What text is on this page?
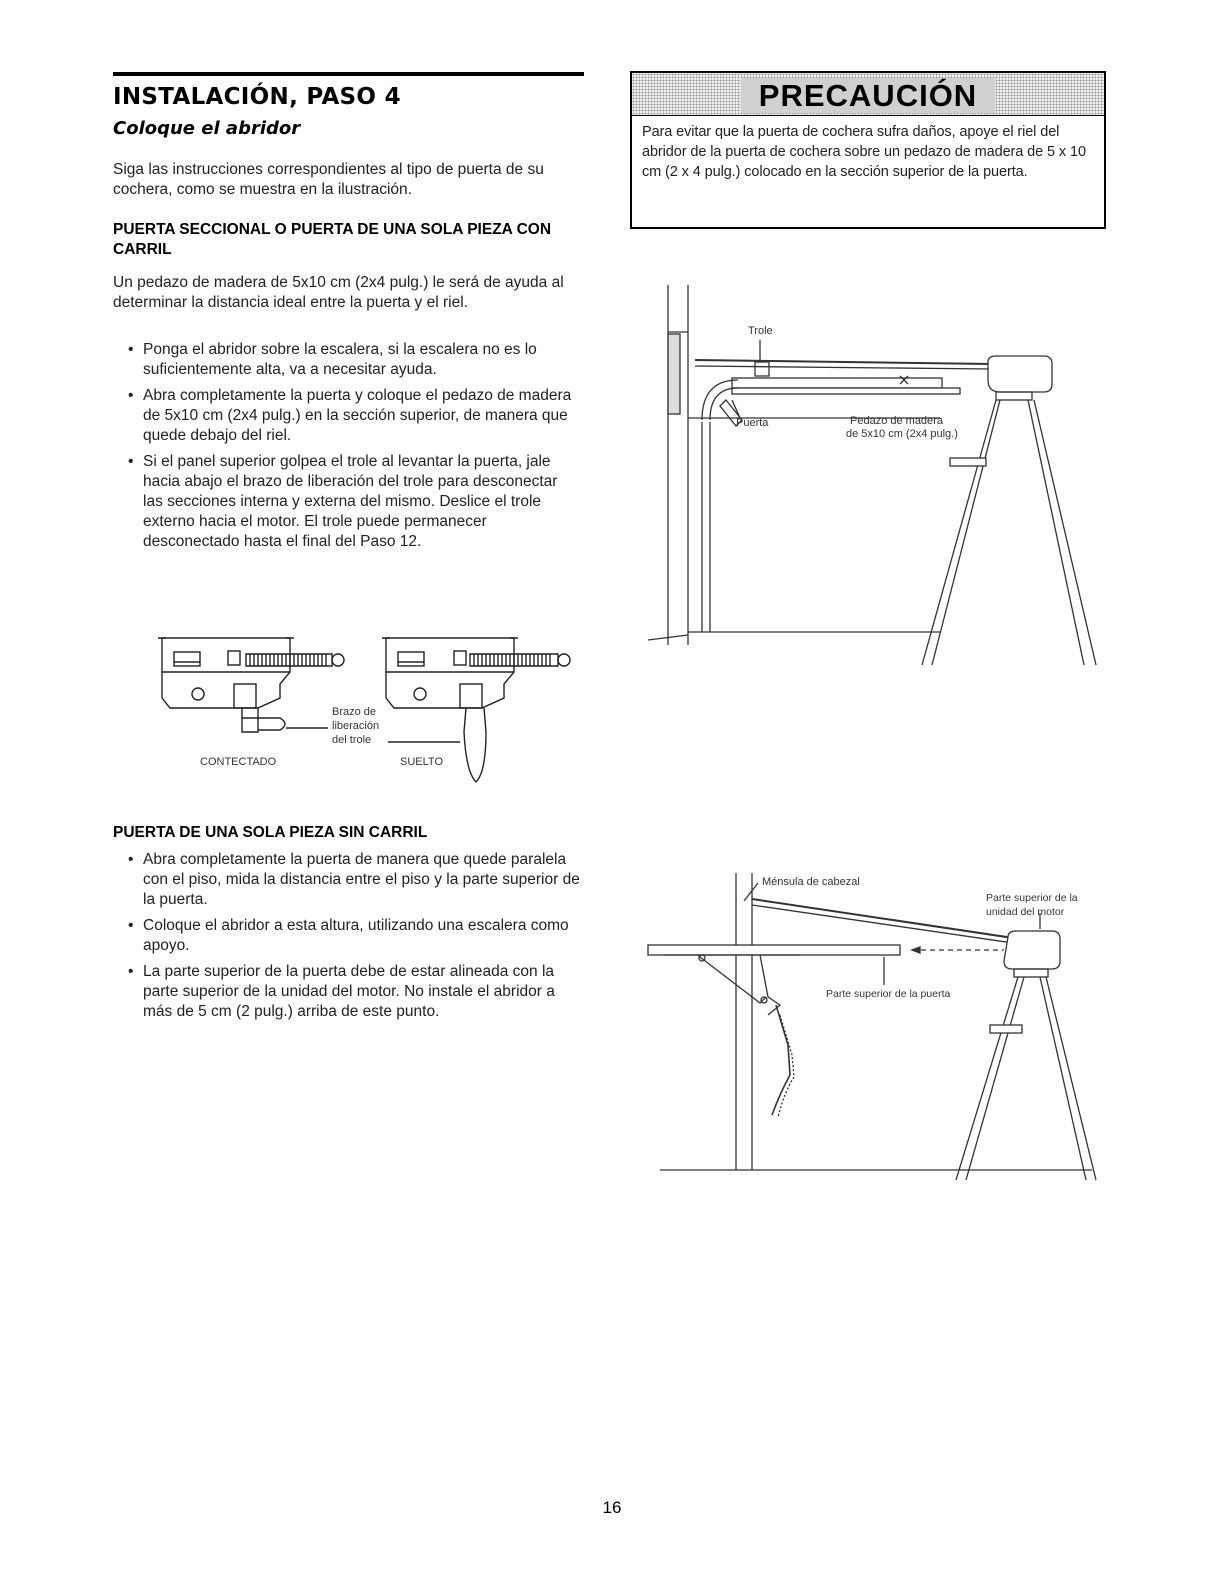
INSTALACIÓN, PASO 4
Coloque el abridor

Siga las instrucciones correspondientes al tipo de puerta de su cochera, como se muestra en la ilustración.

PUERTA SECCIONAL O PUERTA DE UNA SOLA PIEZA CON CARRIL

Un pedazo de madera de 5x10 cm (2x4 pulg.) le será de ayuda al determinar la distancia ideal entre la puerta y el riel.

• Ponga el abridor sobre la escalera, si la escalera no es lo suficientemente alta, va a necesitar ayuda.
• Abra completamente la puerta y coloque el pedazo de madera de 5x10 cm (2x4 pulg.) en la sección superior, de manera que quede debajo del riel.
• Si el panel superior golpea el trole al levantar la puerta, jale hacia abajo el brazo de liberación del trole para desconectar las secciones interna y externa del mismo. Deslice el trole externo hacia el motor. El trole puede permanecer desconectado hasta el final del Paso 12.
Brazo de
liberación
del trole
CONTECTADO	SUELTO
PUERTA DE UNA SOLA PIEZA SIN CARRIL
• Abra completamente la puerta de manera que quede paralela con el piso, mida la distancia entre el piso y la parte superior de la puerta.
• Coloque el abridor a esta altura, utilizando una escalera como apoyo.
• La parte superior de la puerta debe de estar alineada con la parte superior de la unidad del motor. No instale el abridor a más de 5 cm (2 pulg.) arriba de este punto.
PRECAUCIÓN

Para evitar que la puerta de cochera sufra daños, apoye el riel del abridor de la puerta de cochera sobre un pedazo de madera de 5 x 10 cm (2 x 4 pulg.) colocado en la sección superior de la puerta.

Trole
Puerta	Pedazo de madera
de 5x10 cm (2x4 pulg.)
Ménsula de cabezal
Parte superior de la
unidad del motor
Parte superior de la puerta
16
